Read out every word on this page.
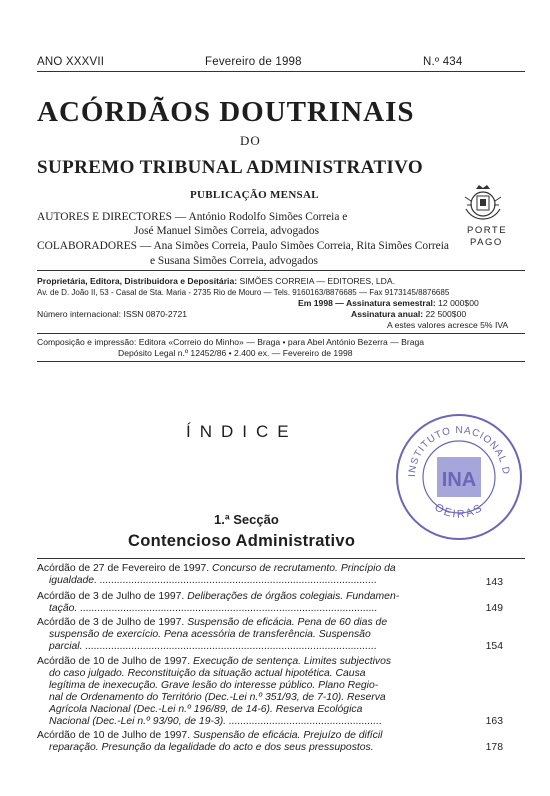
ANO XXXVII	Fevereiro de 1998	N.º 434
ACÓRDÃOS DOUTRINAIS
DO
SUPREMO TRIBUNAL ADMINISTRATIVO
PUBLICAÇÃO MENSAL
PORTE
PAGO
AUTORES E DIRECTORES — António Rodolfo Simões Correia e
José Manuel Simões Correia, advogados
COLABORADORES — Ana Simões Correia, Paulo Simões Correia, Rita Simões Correia
e Susana Simões Correia, advogados
Proprietária, Editora, Distribuidora e Depositária: SIMÕES CORREIA — EDITORES, LDA.
Av. de D. João II, 53 - Casal de Sta. Maria - 2735 Rio de Mouro — Tels. 9160163/8876685 — Fax 9173145/8876685
Em 1998 — Assinatura semestral: 12 000$00
Número internacional: ISSN 0870-2721	Assinatura anual: 22 500$00
A estes valores acresce 5% IVA
Composição e impressão: Editora «Correio do Minho» — Braga • para Abel António Bezerra — Braga
Depósito Legal n.º 12452/86 • 2.400 ex. — Fevereiro de 1998
ÍNDICE
INSTITUTO NACIONAL D
OEIRAS
INA
1.ª Secção
Contencioso Administrativo
Acórdão de 27 de Fevereiro de 1997. Concurso de recrutamento. Princípio da
igualdade. ................................................................................................	143
Acórdão de 3 de Julho de 1997. Deliberações de órgãos colegiais. Fundamen-
tação. .......................................................................................................	149
Acórdão de 3 de Julho de 1997. Suspensão de eficácia. Pena de 60 dias de
suspensão de exercício. Pena acessória de transferência. Suspensão
parcial. .....................................................................................................	154
Acórdão de 10 de Julho de 1997. Execução de sentença. Limites subjectivos
do caso julgado. Reconstituição da situação actual hipotética. Causa
legítima de inexecução. Grave lesão do interesse público. Plano Regio-
nal de Ordenamento do Território (Dec.-Lei n.º 351/93, de 7-10). Reserva
Agrícola Nacional (Dec.-Lei n.º 196/89, de 14-6). Reserva Ecológica
Nacional (Dec.-Lei n.º 93/90, de 19-3). .....................................................	163
Acórdão de 10 de Julho de 1997. Suspensão de eficácia. Prejuízo de difícil
reparação. Presunção da legalidade do acto e dos seus pressupostos.	178
